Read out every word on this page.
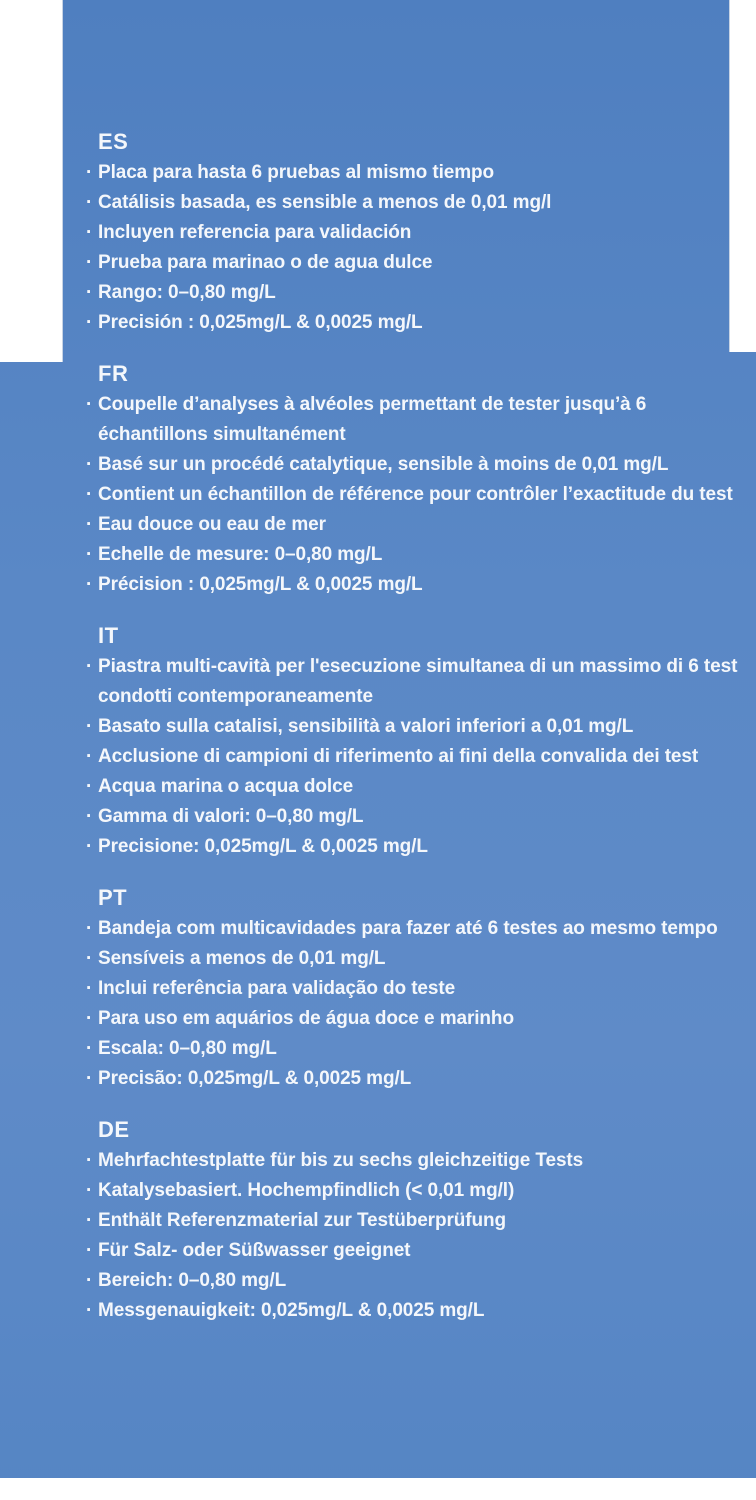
ES
· Placa para hasta 6 pruebas al mismo tiempo
· Catálisis basada, es sensible a menos de 0,01 mg/l
· Incluyen referencia para validación
· Prueba para marinao o de agua dulce
· Rango: 0–0,80 mg/L
· Precisión : 0,025mg/L & 0,0025 mg/L
FR
· Coupelle d’analyses à alvéoles permettant de tester jusqu’à 6 échantillons simultanément
· Basé sur un procédé catalytique, sensible à moins de 0,01 mg/L
· Contient un échantillon de référence pour contrôler l’exactitude du test
· Eau douce ou eau de mer
· Echelle de mesure: 0–0,80 mg/L
· Précision : 0,025mg/L & 0,0025 mg/L
IT
· Piastra multi-cavità per l'esecuzione simultanea di un massimo di 6 test condotti contemporaneamente
· Basato sulla catalisi, sensibilità a valori inferiori a 0,01 mg/L
· Acclusione di campioni di riferimento ai fini della convalida dei test
· Acqua marina o acqua dolce
· Gamma di valori: 0–0,80 mg/L
· Precisione: 0,025mg/L & 0,0025 mg/L
PT
· Bandeja com multicavidades para fazer até 6 testes ao mesmo tempo
· Sensíveis a menos de 0,01 mg/L
· Inclui referência para validação do teste
· Para uso em aquários de água doce e marinho
· Escala: 0–0,80 mg/L
· Precisão: 0,025mg/L & 0,0025 mg/L
DE
· Mehrfachtestplatte für bis zu sechs gleichzeitige Tests
· Katalysebasiert. Hochempfindlich (< 0,01 mg/l)
· Enthält Referenzmaterial zur Testüberprüfung
· Für Salz- oder Süßwasser geeignet
· Bereich: 0–0,80 mg/L
· Messgenauigkeit: 0,025mg/L & 0,0025 mg/L
